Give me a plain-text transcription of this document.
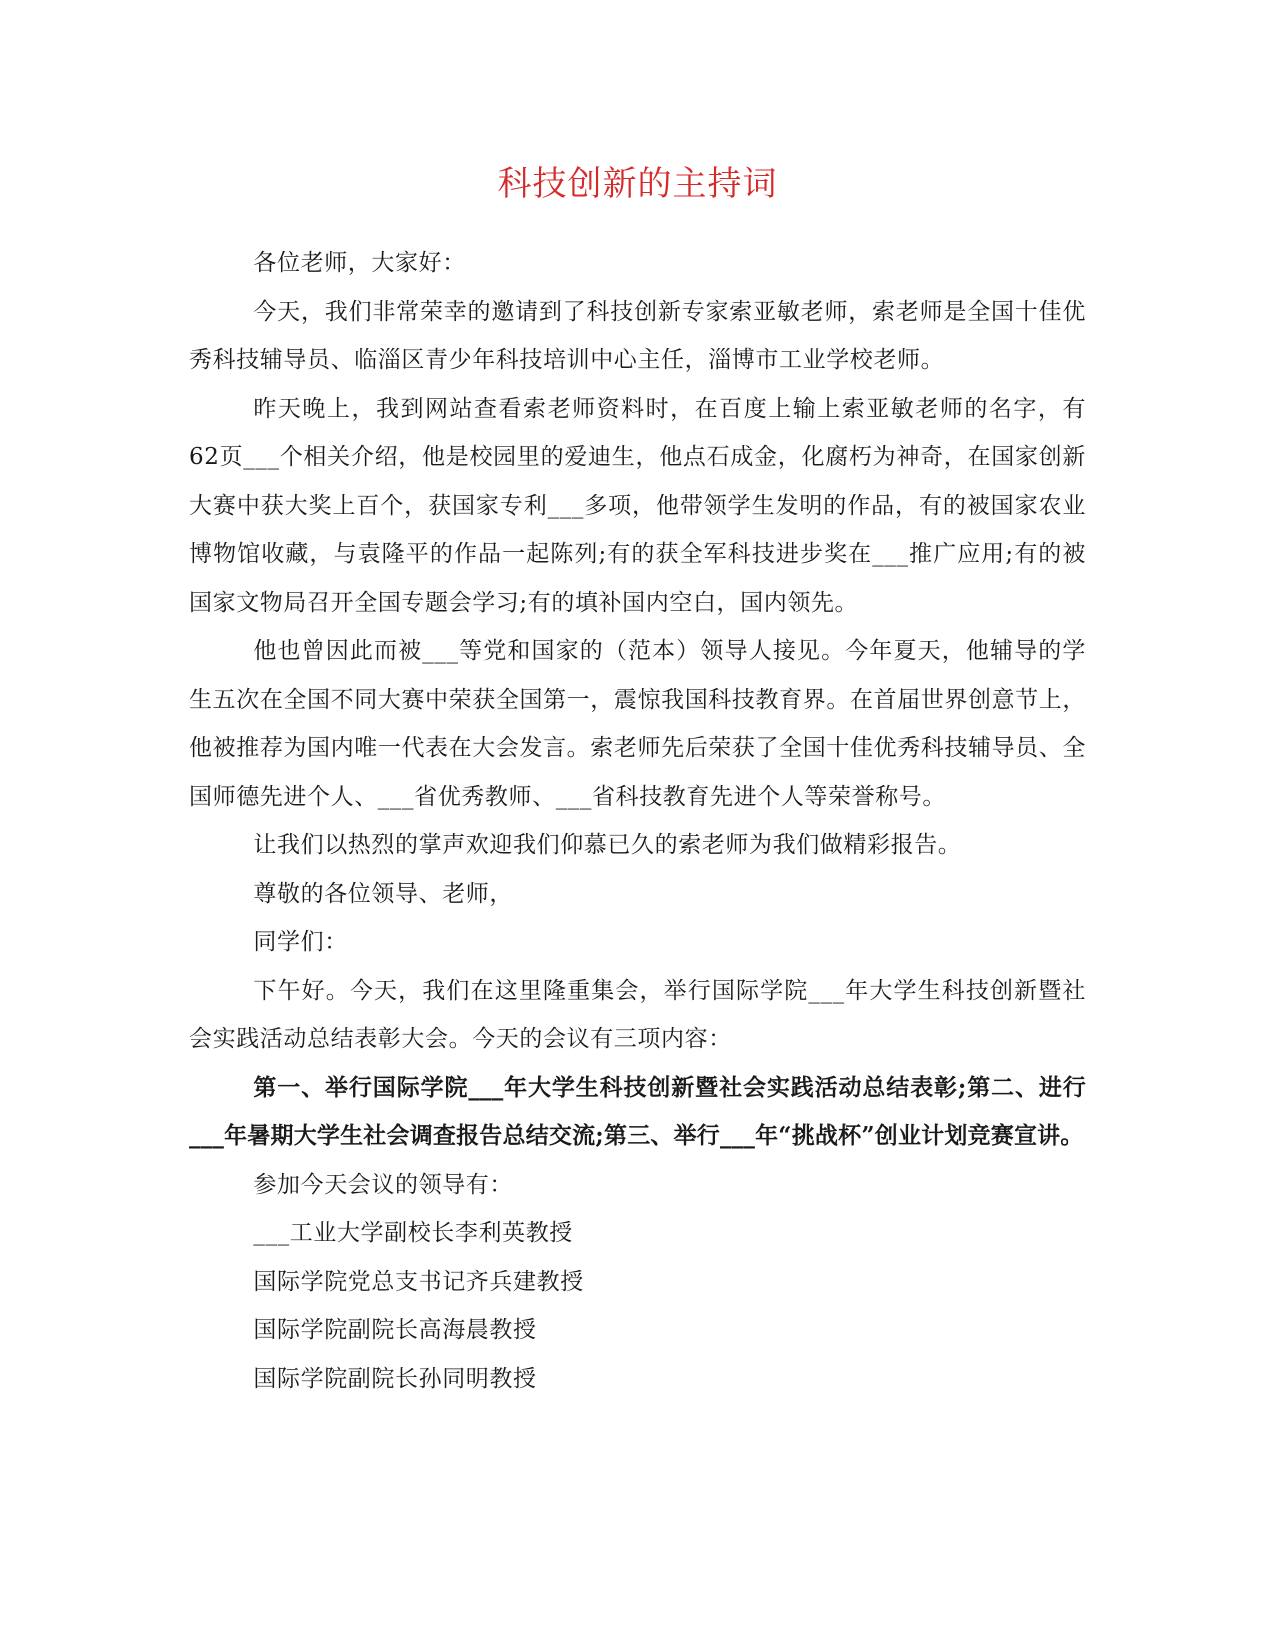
科技创新的主持词

各位老师，大家好：

今天，我们非常荣幸的邀请到了科技创新专家索亚敏老师，索老师是全国十佳优秀科技辅导员、临淄区青少年科技培训中心主任，淄博市工业学校老师。

昨天晚上，我到网站查看索老师资料时，在百度上输上索亚敏老师的名字，有62页___个相关介绍，他是校园里的爱迪生，他点石成金，化腐朽为神奇，在国家创新大赛中获大奖上百个，获国家专利___多项，他带领学生发明的作品，有的被国家农业博物馆收藏，与袁隆平的作品一起陈列;有的获全军科技进步奖在___推广应用;有的被国家文物局召开全国专题会学习;有的填补国内空白，国内领先。

他也曾因此而被___等党和国家的（范本）领导人接见。今年夏天，他辅导的学生五次在全国不同大赛中荣获全国第一，震惊我国科技教育界。在首届世界创意节上，他被推荐为国内唯一代表在大会发言。索老师先后荣获了全国十佳优秀科技辅导员、全国师德先进个人、___省优秀教师、___省科技教育先进个人等荣誉称号。

让我们以热烈的掌声欢迎我们仰慕已久的索老师为我们做精彩报告。

尊敬的各位领导、老师，

同学们：

下午好。今天，我们在这里隆重集会，举行国际学院___年大学生科技创新暨社会实践活动总结表彰大会。今天的会议有三项内容：

第一、举行国际学院___年大学生科技创新暨社会实践活动总结表彰;第二、进行___年暑期大学生社会调查报告总结交流;第三、举行___年“挑战杯”创业计划竞赛宣讲。

参加今天会议的领导有：

___工业大学副校长李利英教授

国际学院党总支书记齐兵建教授

国际学院副院长高海晨教授

国际学院副院长孙同明教授
